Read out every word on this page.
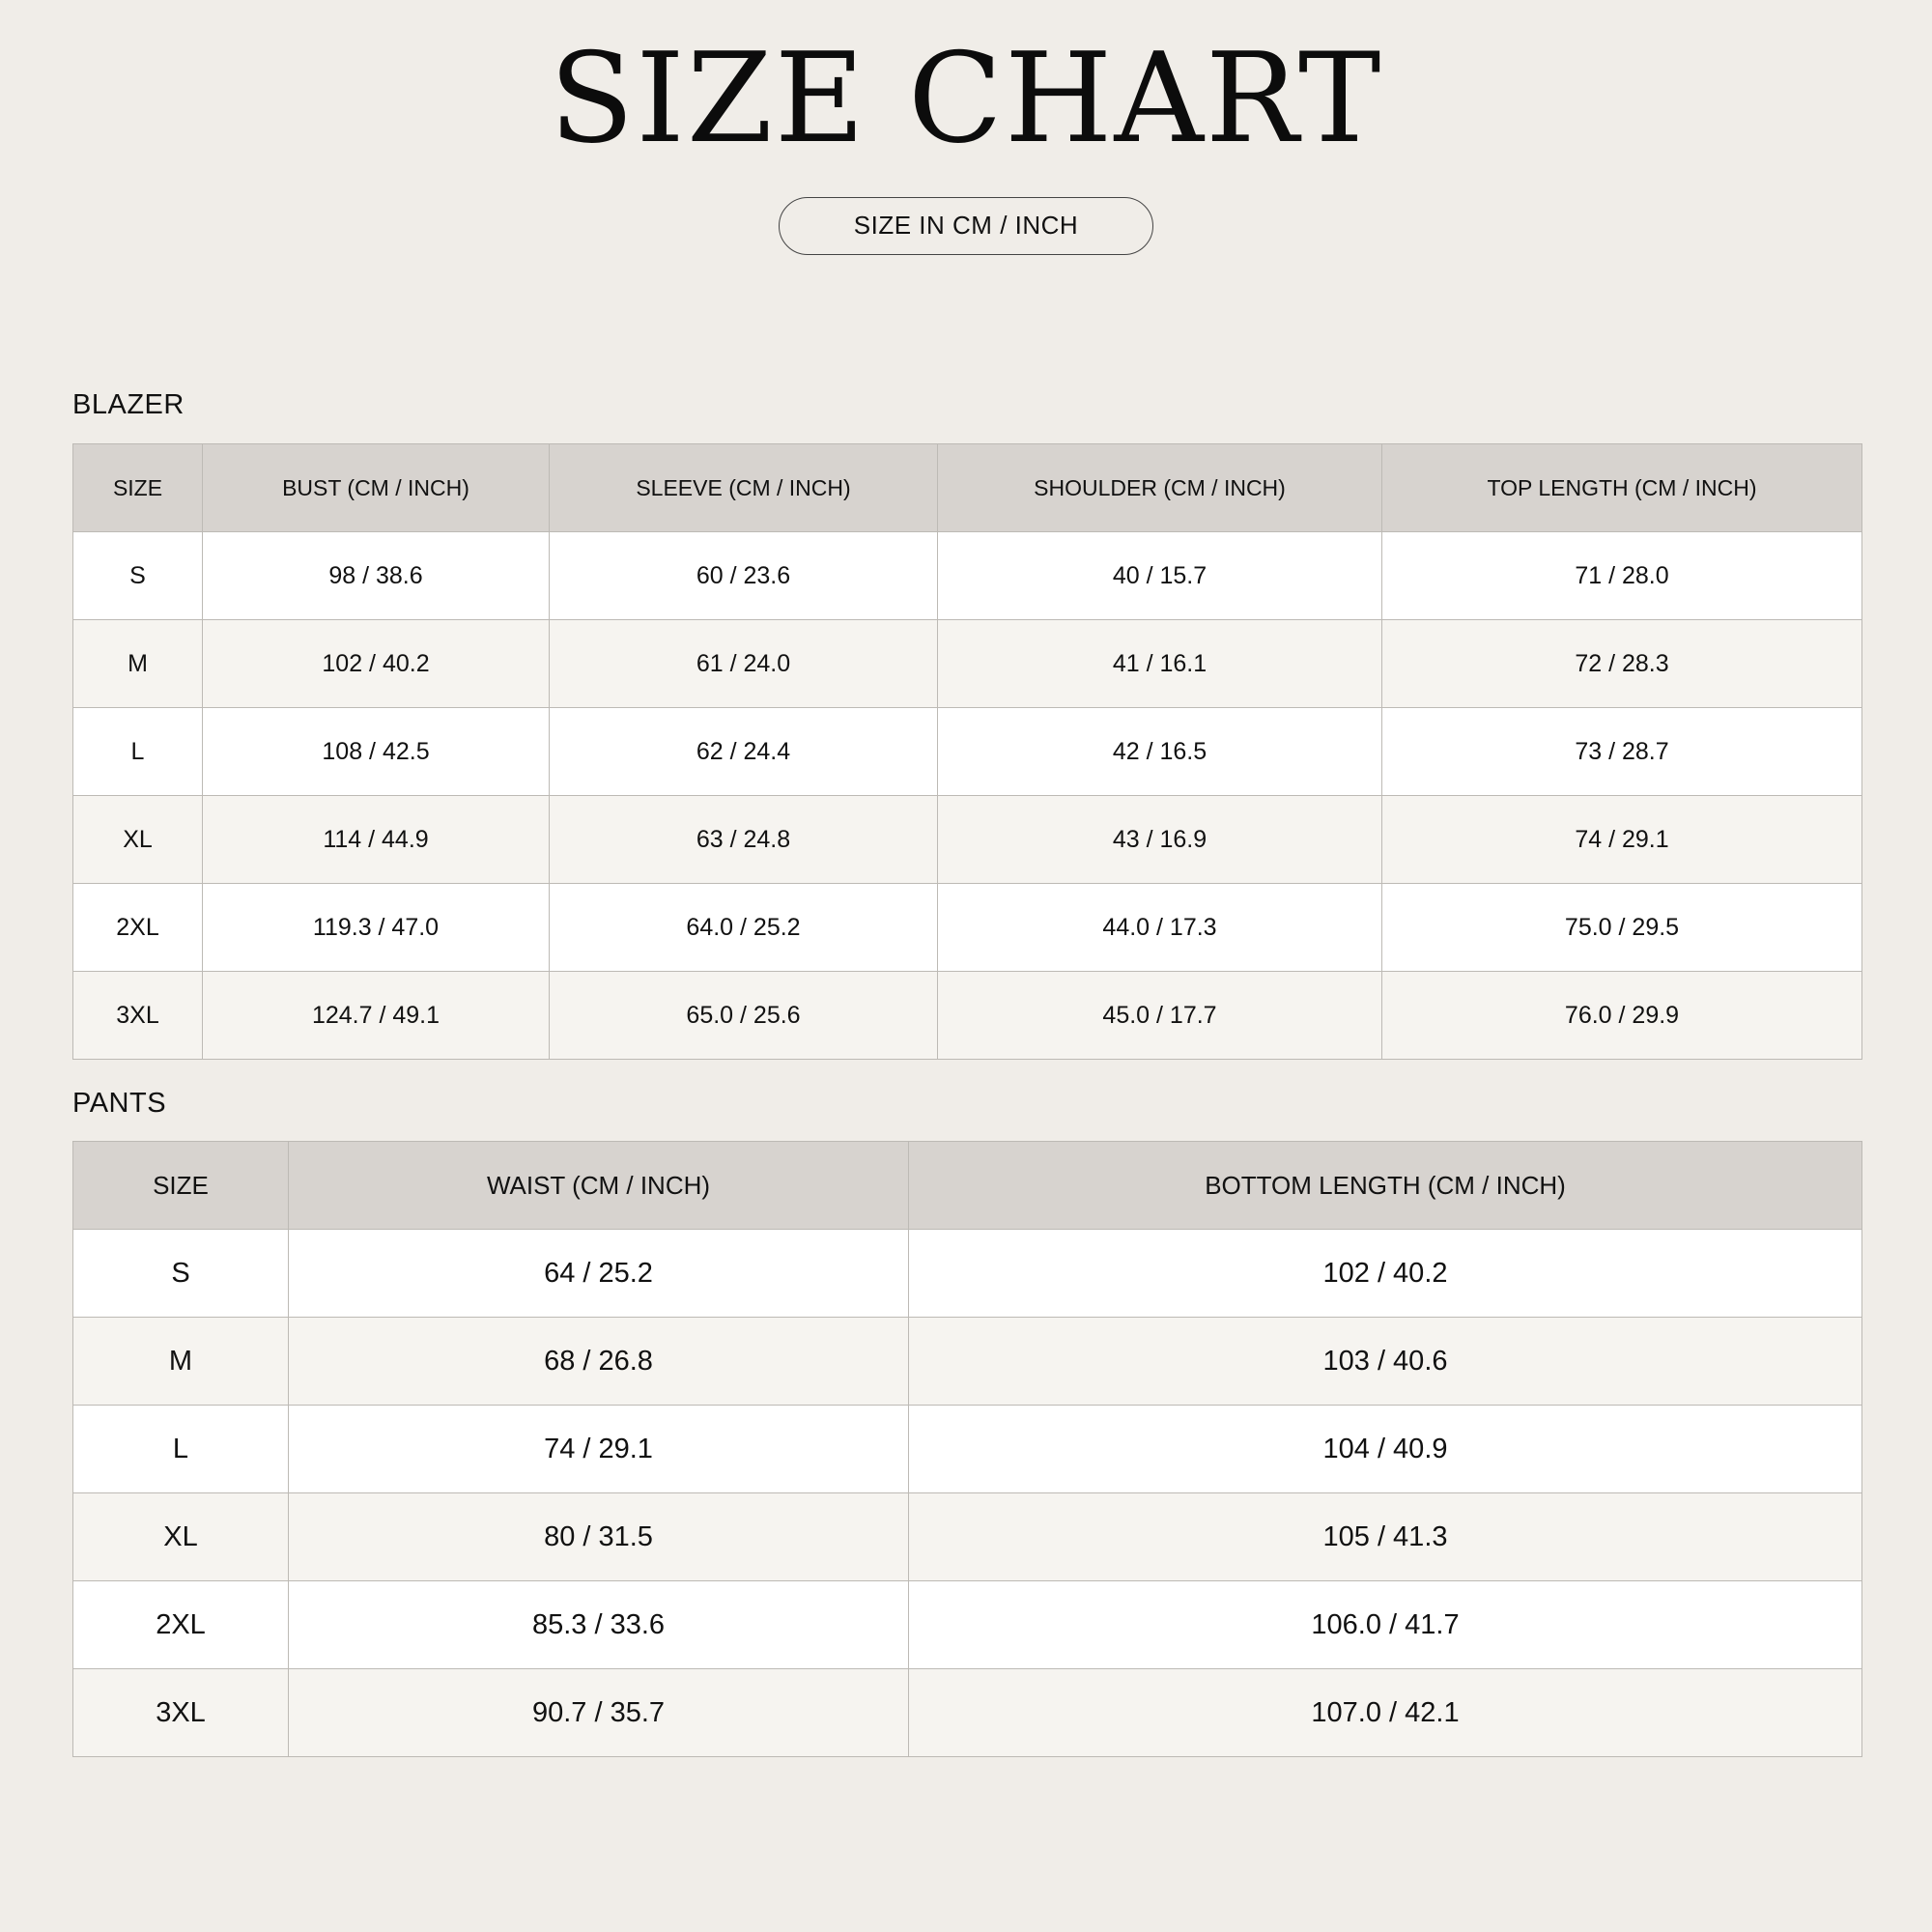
SIZE CHART
SIZE IN CM / INCH
BLAZER
SIZE	BUST (CM / INCH)	SLEEVE (CM / INCH)	SHOULDER (CM / INCH)	TOP LENGTH (CM / INCH)
S	98 / 38.6	60 / 23.6	40 / 15.7	71 / 28.0
M	102 / 40.2	61 / 24.0	41 / 16.1	72 / 28.3
L	108 / 42.5	62 / 24.4	42 / 16.5	73 / 28.7
XL	114 / 44.9	63 / 24.8	43 / 16.9	74 / 29.1
2XL	119.3 / 47.0	64.0 / 25.2	44.0 / 17.3	75.0 / 29.5
3XL	124.7 / 49.1	65.0 / 25.6	45.0 / 17.7	76.0 / 29.9
PANTS
SIZE	WAIST (CM / INCH)	BOTTOM LENGTH (CM / INCH)
S	64 / 25.2	102 / 40.2
M	68 / 26.8	103 / 40.6
L	74 / 29.1	104 / 40.9
XL	80 / 31.5	105 / 41.3
2XL	85.3 / 33.6	106.0 / 41.7
3XL	90.7 / 35.7	107.0 / 42.1
